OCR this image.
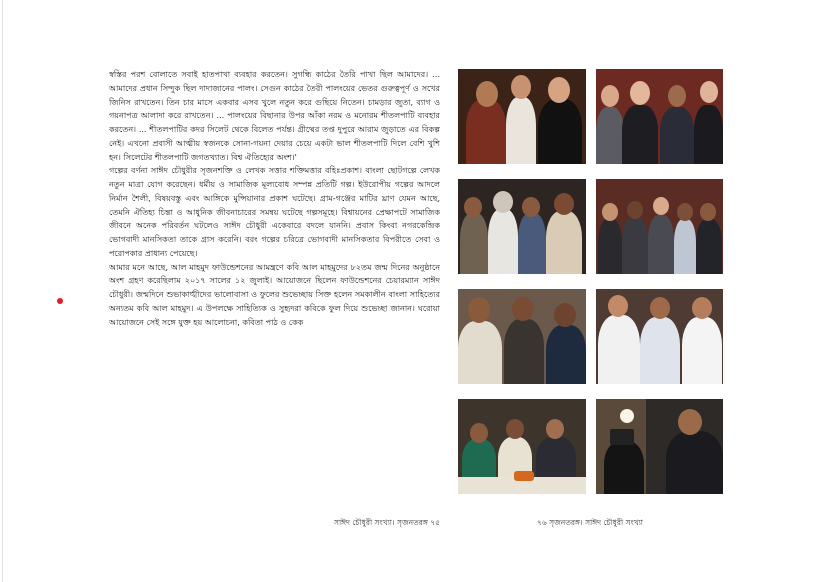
স্বস্তির পরশ বোলাতে সবাই হাতপাখা ব্যবহার করতেন। সুগন্ধি কাঠের তৈরি পাখা ছিল আমাদের। ... আমাদের প্রধান সিন্দুক ছিল দাদাজানের পালং। সেগুন কাঠের তৈরী পালংয়ের ভেতর গুরুত্বপূর্ণ ও সখের জিনিস রাখতেন। তিন চার মাসে একবার এসব খুলে নতুন করে গুছিয়ে নিতেন। চামড়ার জুতা, ব্যাগ ও গয়নাপত্র আলাদা করে রাখতেন। ... পালংয়ের বিছানার উপর আঁকা নরম ও মনোরম শীতলপাটি ব্যবহার করতেন। ... শীতলপাটির কদর সিলেট থেকে বিলেত পর্যন্ত। গ্রীষ্মের তপ্ত দুপুরে আরাম জুড়াতে এর বিকল্প নেই। এখনো প্রবাসী আত্মীয় স্বজনকে সোনা-গয়না দেয়ার চেয়ে একটা ভাল শীতলপাটি দিলে বেশি খুশি হন। সিলেটের শীতলপাটি জগতখ্যাত। বিশ্ব ঐতিহ্যের অংশ।'

গল্পের বর্ণনা সাঈদ চৌধুরীর সৃজনশক্তি ও লেখক সত্তার শক্তিমত্তার বহিঃপ্রকাশ। বাংলা ছোটগল্পে লেখক নতুন মাত্রা যোগ করেছেন। ধর্মীয় ও সামাজিক মূল্যবোধ সম্পন্ন প্রতিটি গল্প। ইউরোপীয় গল্পের আদলে নির্মান শৈলী, বিষয়বস্তু এবং আঙ্গিকে মুন্সিয়ানার প্রকাশ ঘটেছে। গ্রাম-গঞ্জের মাটির ঘ্রাণ যেমন আছে, তেমনি ঐতিহ্য চিন্তা ও আধুনিক জীবনাচারের সমন্বয় ঘটেছে গল্পসমূহে। বিশ্বায়নের প্রেক্ষাপটে সামাজিক জীবনে অনেক পরিবর্তন ঘটলেও সাঈদ চৌধুরী একেবারে বদলে যাননি। প্রবাস কিংবা নগরকেন্দ্রিক ভোগবাদী মানসিকতা তাকে গ্রাস করেনি। বরং গল্পের চরিত্রে ভোগবাদী মানসিকতার বিপরীতে সেবা ও পরোপকার প্রাধান্য পেয়েছে।

আমার মনে আছে, আল মাহমুদ ফাউন্ডেশনের আমন্ত্রণে কবি আল মাহমুদের ৮২তম জন্ম দিনের অনুষ্ঠানে অংশ গ্রহণ করেছিলাম ২০১৭ সালের ১২ জুলাই। আয়োজনে ছিলেন ফাউন্ডেশনের চেয়ারম্যান সাঈদ চৌধুরী। জন্মদিনে শুভাকাঙ্খীদের ভালোবাসা ও ফুলের শুভেচ্ছায় সিক্ত হলেন সমকালীন বাংলা সাহিত্যের অন্যতম কবি আল মাহমুদ। এ উপলক্ষে সাহিত্যিক ও সুহৃদরা কবিকে ফুল দিয়ে শুভেচ্ছা জানান। ঘরোয়া আয়োজনে সেই সঙ্গে যুক্ত হয় আলোচনা, কবিতা পাঠ ও কেক

সাঈদ চৌধুরী সংখ্যা। সৃজনতরঙ্গ ৭৫	৭৬ সৃজনতরঙ্গ। সাঈদ চৌধুরী সংখ্যা
